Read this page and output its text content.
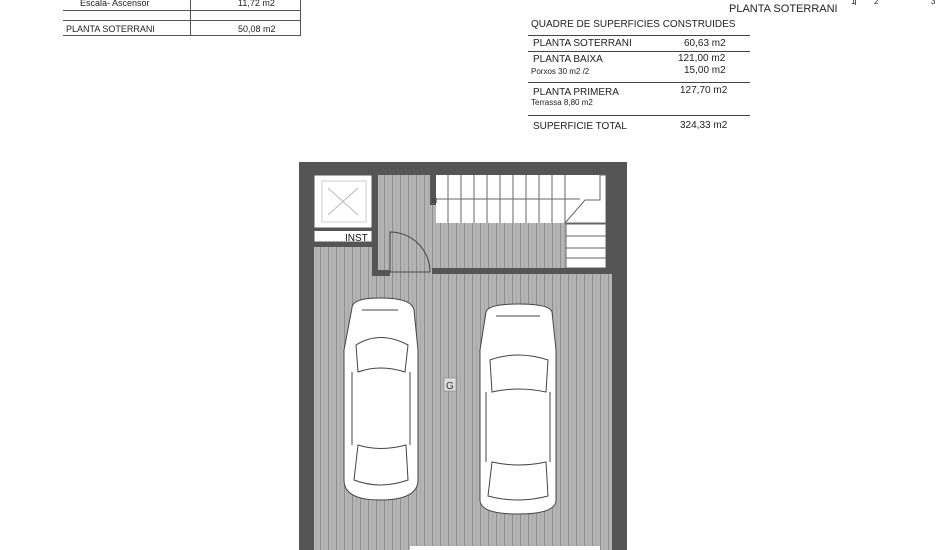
Escala- Ascensor	11,72 m2
PLANTA SOTERRANI	50,08 m2
PLANTA SOTERRANI
1 2	3
QUADRE DE SUPERFICIES CONSTRUIDES
PLANTA SOTERRANI	60,63 m2
PLANTA BAIXA	121,00 m2
Porxos 30 m2 /2	15,00 m2
PLANTA PRIMERA	127,70 m2
Terrassa 8,80 m2
SUPERFICIE TOTAL	324,33 m2
G
INST
N
